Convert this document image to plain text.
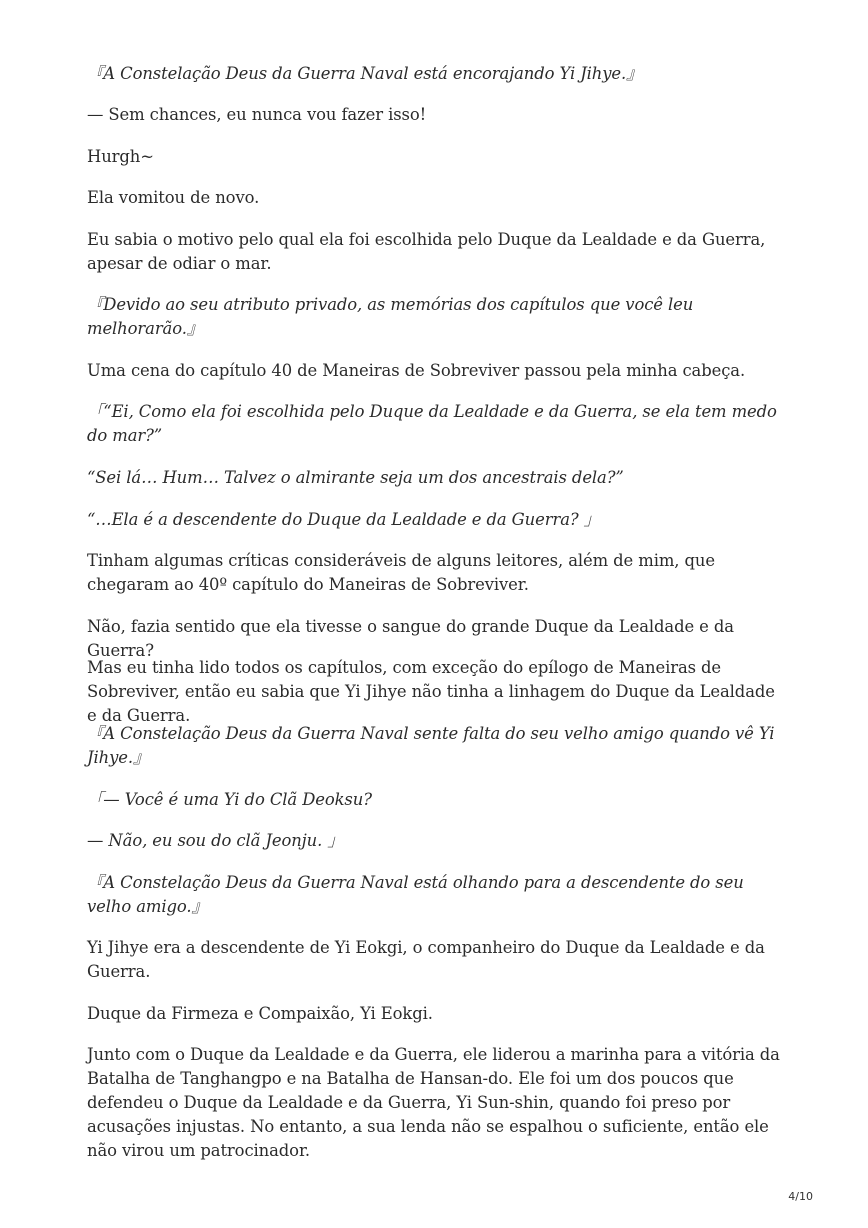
『A Constelação Deus da Guerra Naval está encorajando Yi Jihye.』

— Sem chances, eu nunca vou fazer isso!

Hurgh~

Ela vomitou de novo.

Eu sabia o motivo pelo qual ela foi escolhida pelo Duque da Lealdade e da Guerra, apesar de odiar o mar.

『Devido ao seu atributo privado, as memórias dos capítulos que você leu melhorarão.』

Uma cena do capítulo 40 de Maneiras de Sobreviver passou pela minha cabeça.

「“Ei, Como ela foi escolhida pelo Duque da Lealdade e da Guerra, se ela tem medo do mar?”

“Sei lá… Hum… Talvez o almirante seja um dos ancestrais dela?”

“…Ela é a descendente do Duque da Lealdade e da Guerra? 」

Tinham algumas críticas consideráveis de alguns leitores, além de mim, que chegaram ao 40º capítulo do Maneiras de Sobreviver.

Não, fazia sentido que ela tivesse o sangue do grande Duque da Lealdade e da Guerra?

Mas eu tinha lido todos os capítulos, com exceção do epílogo de Maneiras de Sobreviver, então eu sabia que Yi Jihye não tinha a linhagem do Duque da Lealdade e da Guerra.

『A Constelação Deus da Guerra Naval sente falta do seu velho amigo quando vê Yi Jihye.』

「— Você é uma Yi do Clã Deoksu?

— Não, eu sou do clã Jeonju. 」

『A Constelação Deus da Guerra Naval está olhando para a descendente do seu velho amigo.』

Yi Jihye era a descendente de Yi Eokgi, o companheiro do Duque da Lealdade e da Guerra.

Duque da Firmeza e Compaixão, Yi Eokgi.

Junto com o Duque da Lealdade e da Guerra, ele liderou a marinha para a vitória da Batalha de Tanghangpo e na Batalha de Hansan-do. Ele foi um dos poucos que defendeu o Duque da Lealdade e da Guerra, Yi Sun-shin, quando foi preso por acusações injustas. No entanto, a sua lenda não se espalhou o suficiente, então ele não virou um patrocinador.

4/10
